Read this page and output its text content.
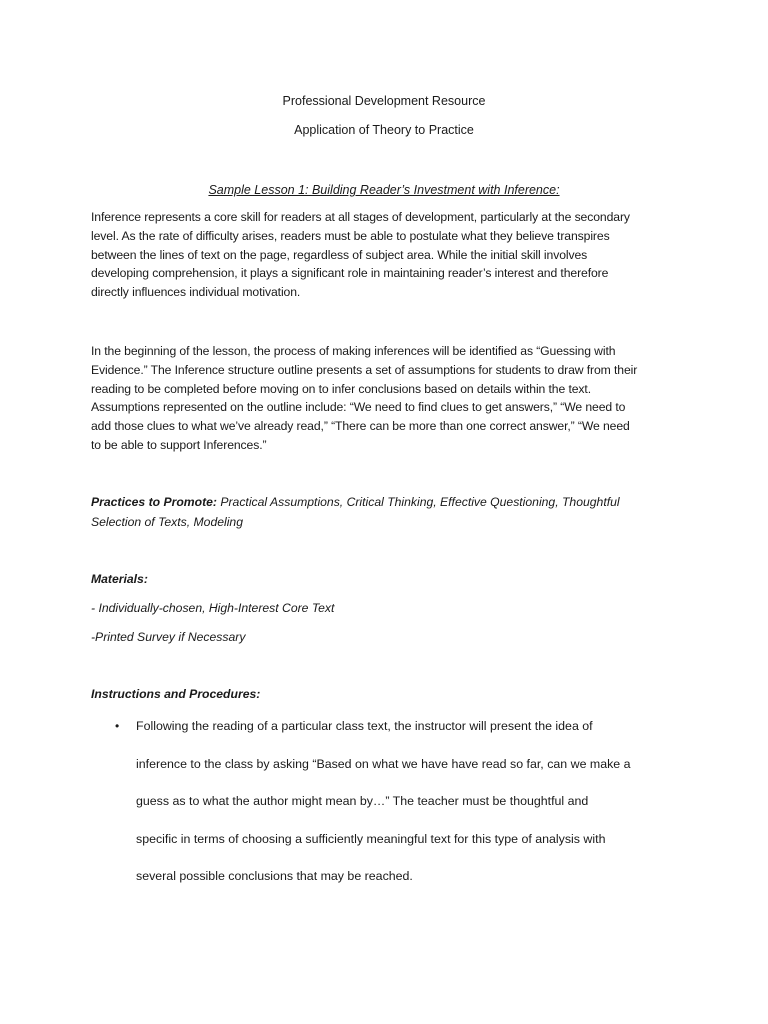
Professional Development Resource
Application of Theory to Practice
Sample Lesson 1: Building Reader’s Investment with Inference:
Inference represents a core skill for readers at all stages of development, particularly at the secondary
level. As the rate of difficulty arises, readers must be able to postulate what they believe transpires
between the lines of text on the page, regardless of subject area. While the initial skill involves
developing comprehension, it plays a significant role in maintaining reader’s interest and therefore
directly influences individual motivation.
In the beginning of the lesson, the process of making inferences will be identified as “Guessing with
Evidence.” The Inference structure outline presents a set of assumptions for students to draw from their
reading to be completed before moving on to infer conclusions based on details within the text.
Assumptions represented on the outline include: “We need to find clues to get answers,” “We need to
add those clues to what we’ve already read,” “There can be more than one correct answer,” “We need
to be able to support Inferences.”
Practices to Promote: Practical Assumptions, Critical Thinking, Effective Questioning, Thoughtful
Selection of Texts, Modeling
Materials:
- Individually-chosen, High-Interest Core Text
-Printed Survey if Necessary
Instructions and Procedures:
• Following the reading of a particular class text, the instructor will present the idea of
inference to the class by asking “Based on what we have have read so far, can we make a
guess as to what the author might mean by…” The teacher must be thoughtful and
specific in terms of choosing a sufficiently meaningful text for this type of analysis with
several possible conclusions that may be reached.
